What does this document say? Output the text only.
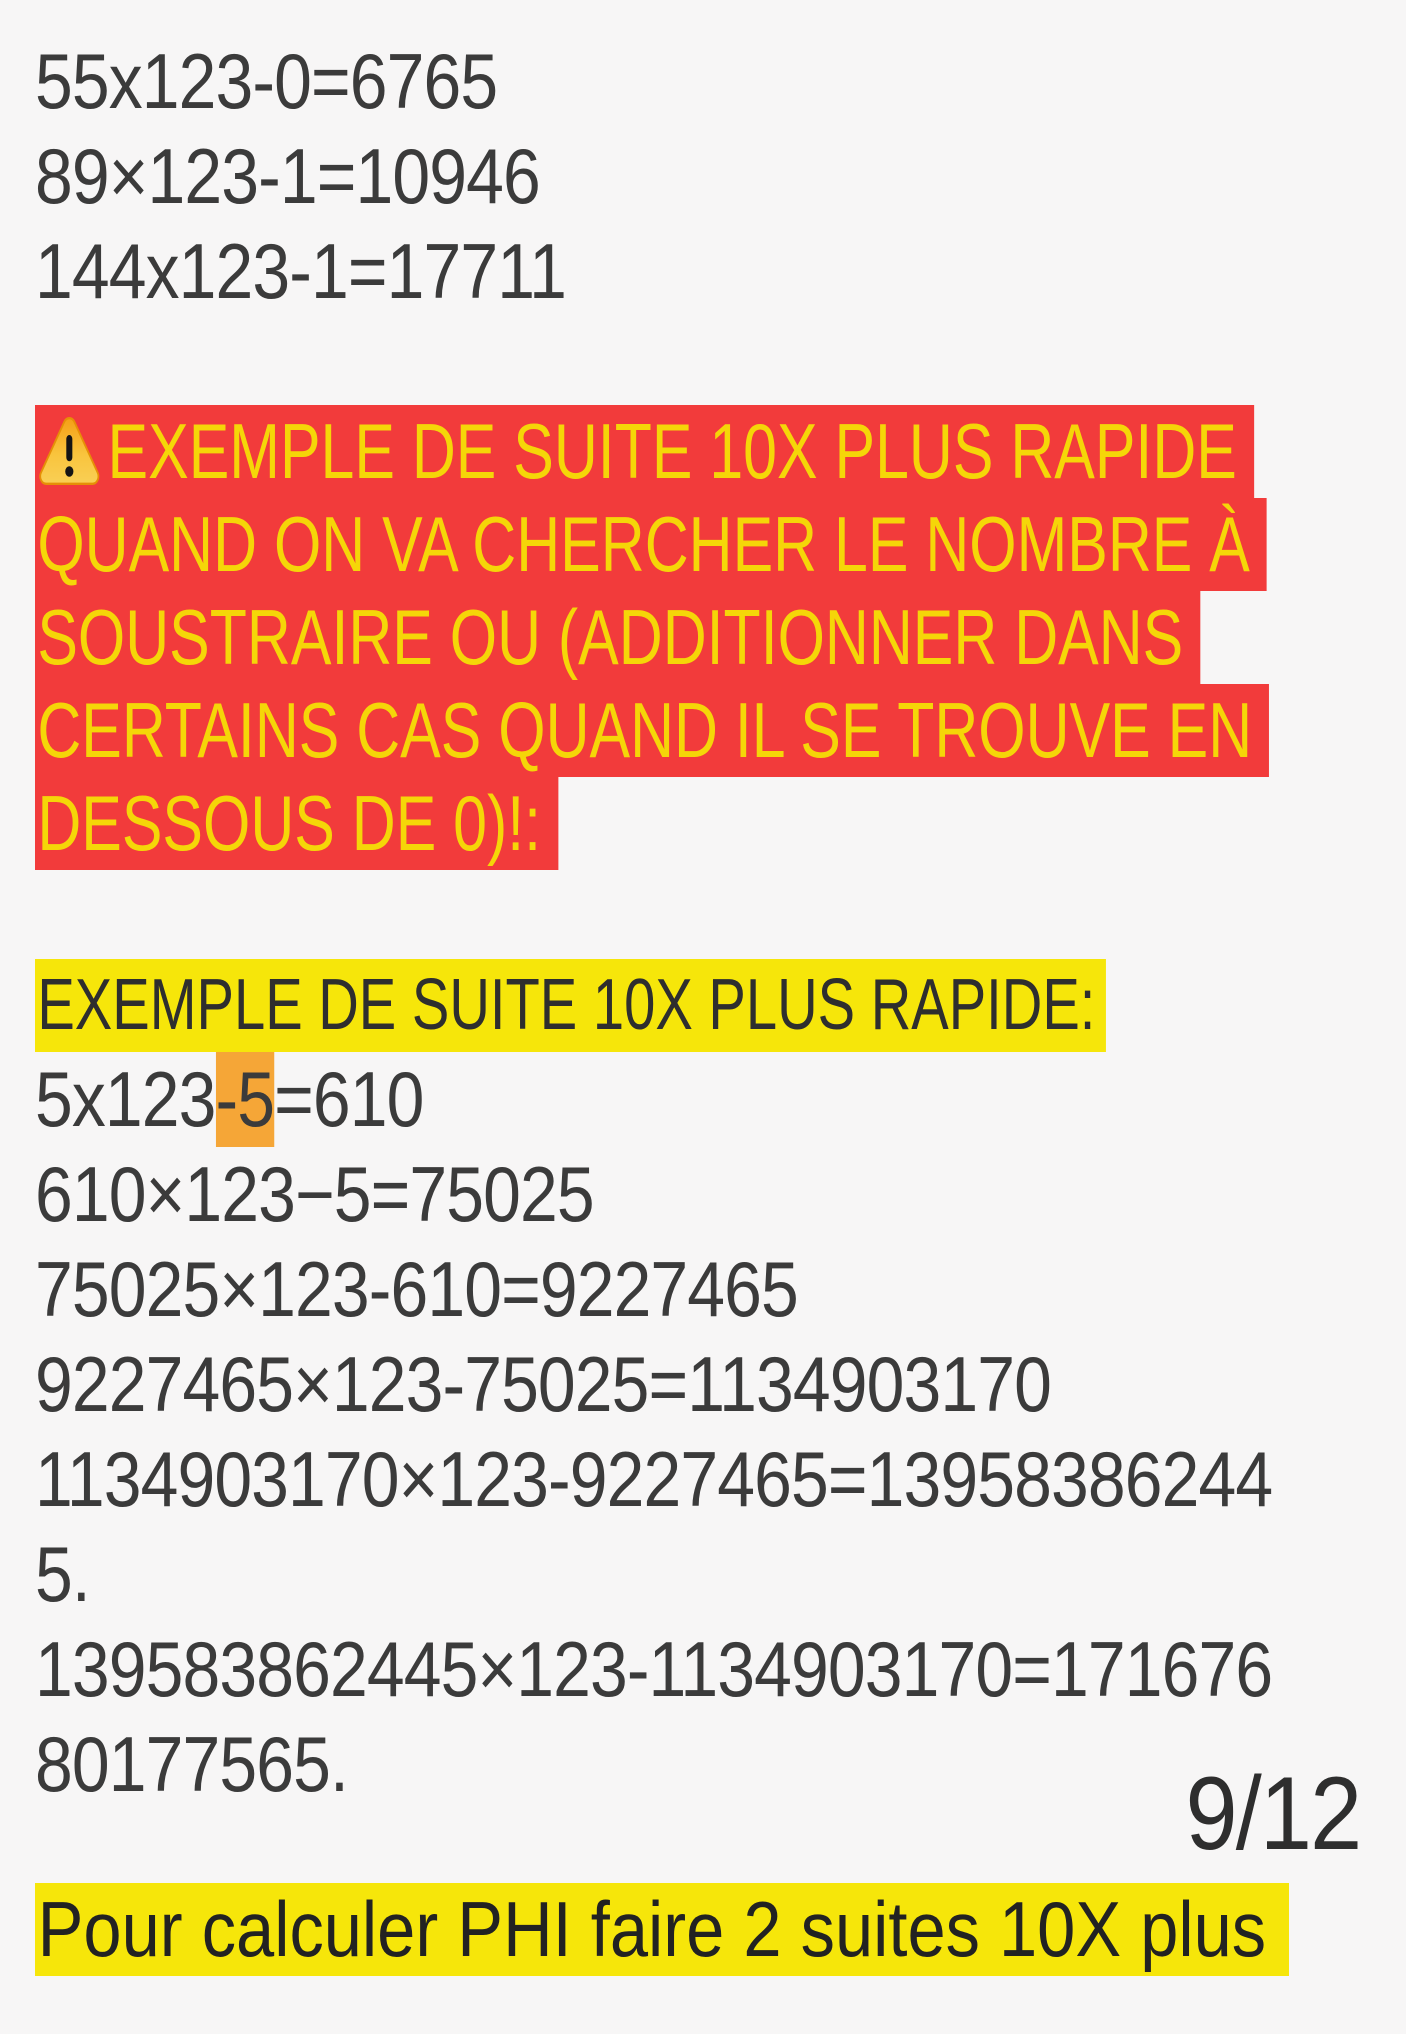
55x123-0=6765
89×123-1=10946
144x123-1=17711
EXEMPLE DE SUITE 10X PLUS RAPIDE
QUAND ON VA CHERCHER LE NOMBRE À
SOUSTRAIRE OU (ADDITIONNER DANS
CERTAINS CAS QUAND IL SE TROUVE EN
DESSOUS DE 0)!:
EXEMPLE DE SUITE 10X PLUS RAPIDE:
5x123-5=610
610×123−5=75025
75025×123-610=9227465
9227465×123-75025=1134903170
1134903170×123-9227465=13958386244
5.
139583862445×123-1134903170=171676
80177565.
Pour calculer PHI faire 2 suites 10X plus
9/12
